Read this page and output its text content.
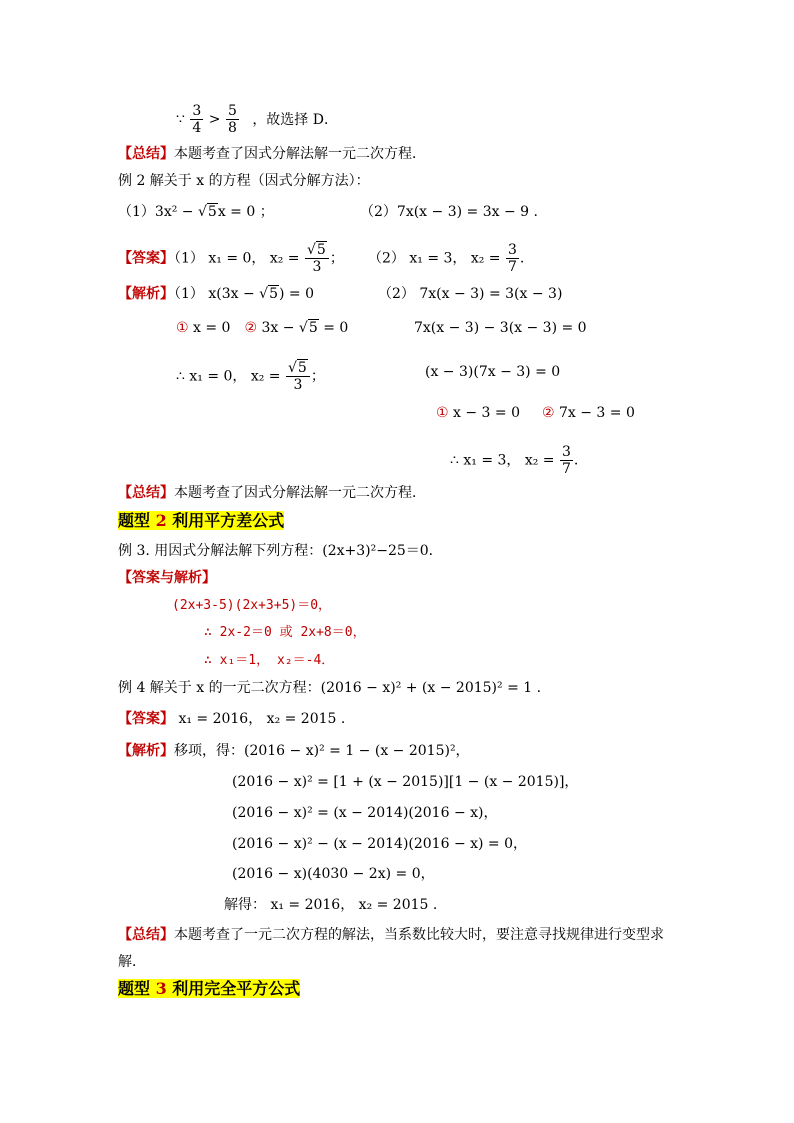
∵ $\frac{3}{4} > \frac{5}{8}$ ，故选择 D．
【总结】本题考查了因式分解法解一元二次方程．
例 2 解关于 x 的方程（因式分解方法）：
（1）3x² − √5x = 0 ；	（2）7x(x − 3) = 3x − 9 .
【答案】（1） x₁ = 0， $x_2 = \frac{√5}{3}$ ； （2） x₁ = 3， $x_2 = \frac{3}{7}$ .
【解析】（1） x(3x − √5) = 0	（2） 7x(x − 3) = 3(x − 3)
① x = 0 ② 3x − √5 = 0	7x(x − 3) − 3(x − 3) = 0
∴ x₁ = 0， $x_2 = \frac{√5}{3}$ ；	(x − 3)(7x − 3) = 0
① x − 3 = 0 ② 7x − 3 = 0
∴ x₁ = 3， $x_2 = \frac{3}{7}$ .
【总结】本题考查了因式分解法解一元二次方程．
题型 2 利用平方差公式
例 3. 用因式分解法解下列方程：(2x+3)²−25＝0．
【答案与解析】
(2x+3-5)(2x+3+5)＝0，
∴ 2x-2＝0 或 2x+8＝0，
∴ x₁＝1， x₂＝-4．
例 4 解关于 x 的一元二次方程：(2016 − x)² + (x − 2015)² = 1 .
【答案】 x₁ = 2016， x₂ = 2015 .
【解析】移项，得：(2016 − x)² = 1 − (x − 2015)²，
(2016 − x)² = [1 + (x − 2015)][1 − (x − 2015)]，
(2016 − x)² = (x − 2014)(2016 − x)，
(2016 − x)² − (x − 2014)(2016 − x) = 0，
(2016 − x)(4030 − 2x) = 0，
解得： x₁ = 2016， x₂ = 2015 .
【总结】本题考查了一元二次方程的解法，当系数比较大时，要注意寻找规律进行变型求
解．
题型 3 利用完全平方公式
